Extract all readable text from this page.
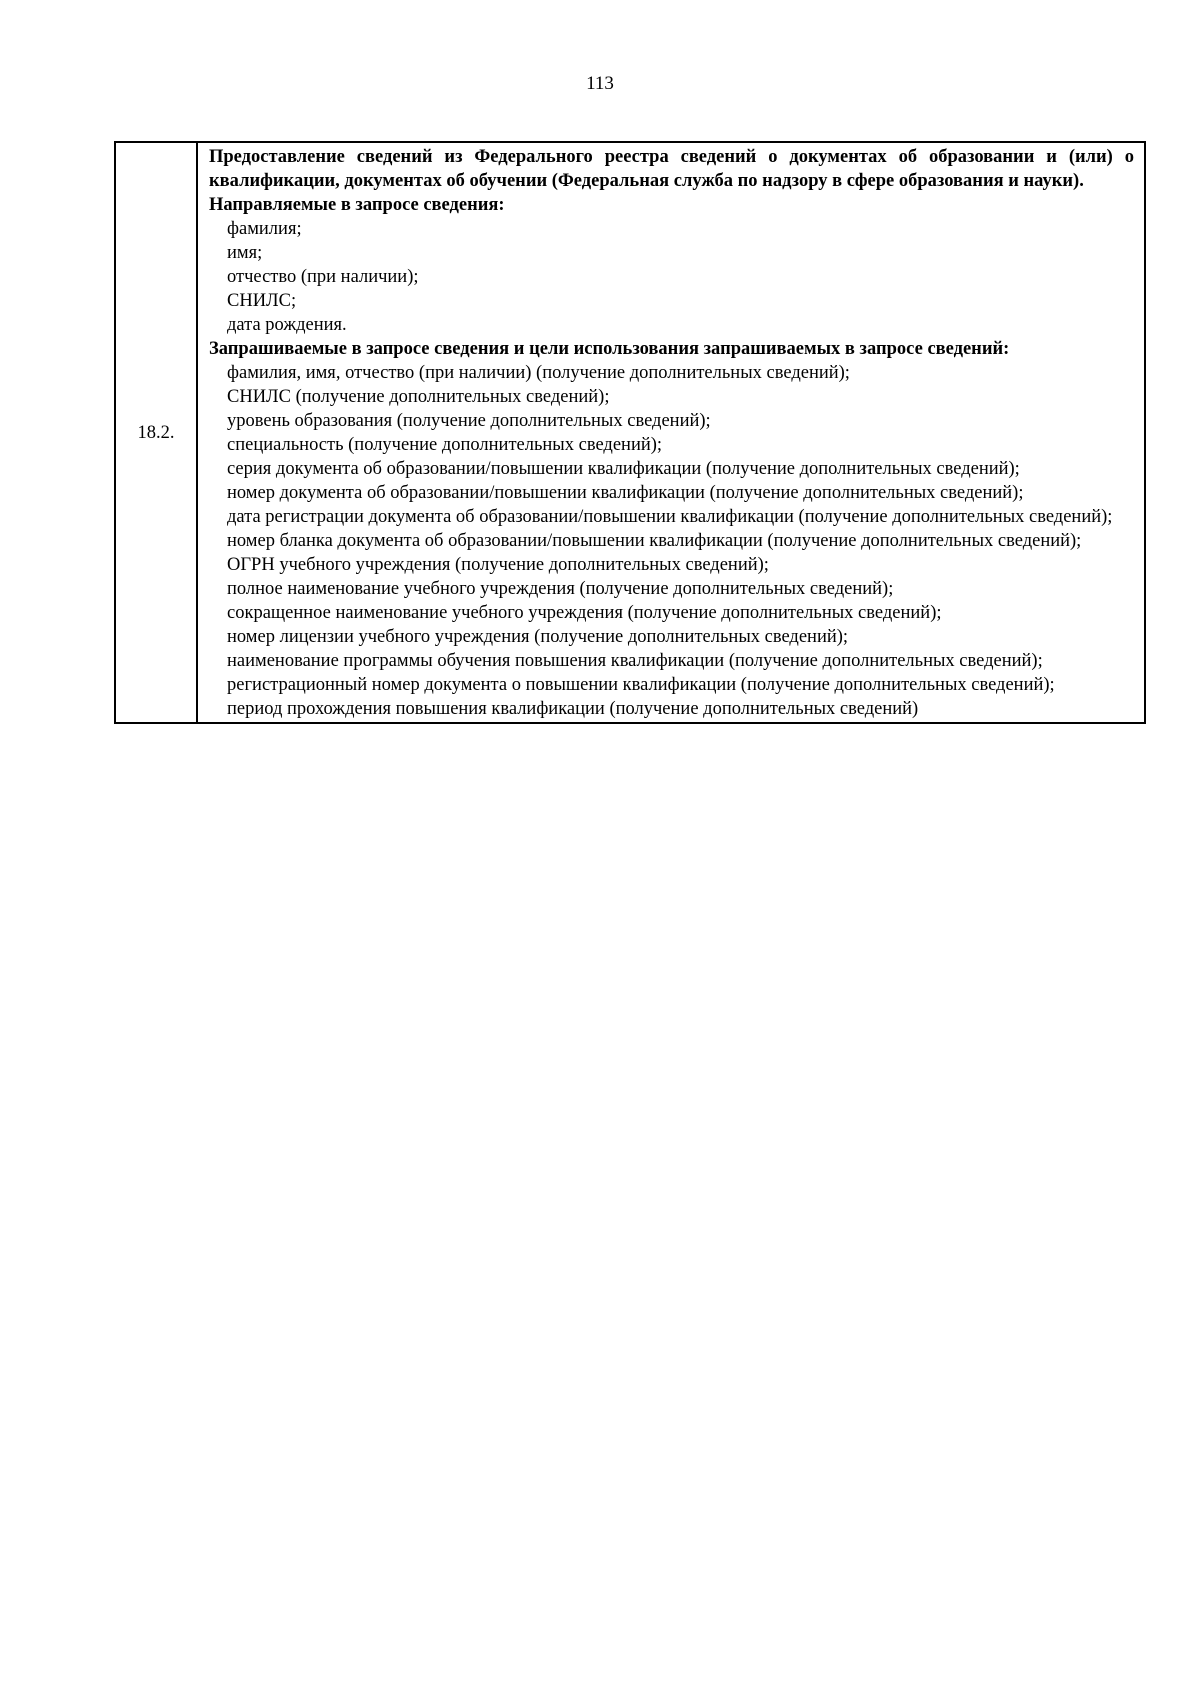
113
18.2.	
Предоставление сведений из Федерального реестра сведений о документах об образовании и (или) о квалификации, документах об обучении (Федеральная служба по надзору в сфере образования и науки).
Направляемые в запросе сведения:
фамилия;
имя;
отчество (при наличии);
СНИЛС;
дата рождения.
Запрашиваемые в запросе сведения и цели использования запрашиваемых в запросе сведений:
фамилия, имя, отчество (при наличии) (получение дополнительных сведений);
СНИЛС (получение дополнительных сведений);
уровень образования (получение дополнительных сведений);
специальность (получение дополнительных сведений);
серия документа об образовании/повышении квалификации (получение дополнительных сведений);
номер документа об образовании/повышении квалификации (получение дополнительных сведений);
дата регистрации документа об образовании/повышении квалификации (получение дополнительных сведений);
номер бланка документа об образовании/повышении квалификации (получение дополнительных сведений);
ОГРН учебного учреждения (получение дополнительных сведений);
полное наименование учебного учреждения (получение дополнительных сведений);
сокращенное наименование учебного учреждения (получение дополнительных сведений);
номер лицензии учебного учреждения (получение дополнительных сведений);
наименование программы обучения повышения квалификации (получение дополнительных сведений);
регистрационный номер документа о повышении квалификации (получение дополнительных сведений);
период прохождения повышения квалификации (получение дополнительных сведений)
